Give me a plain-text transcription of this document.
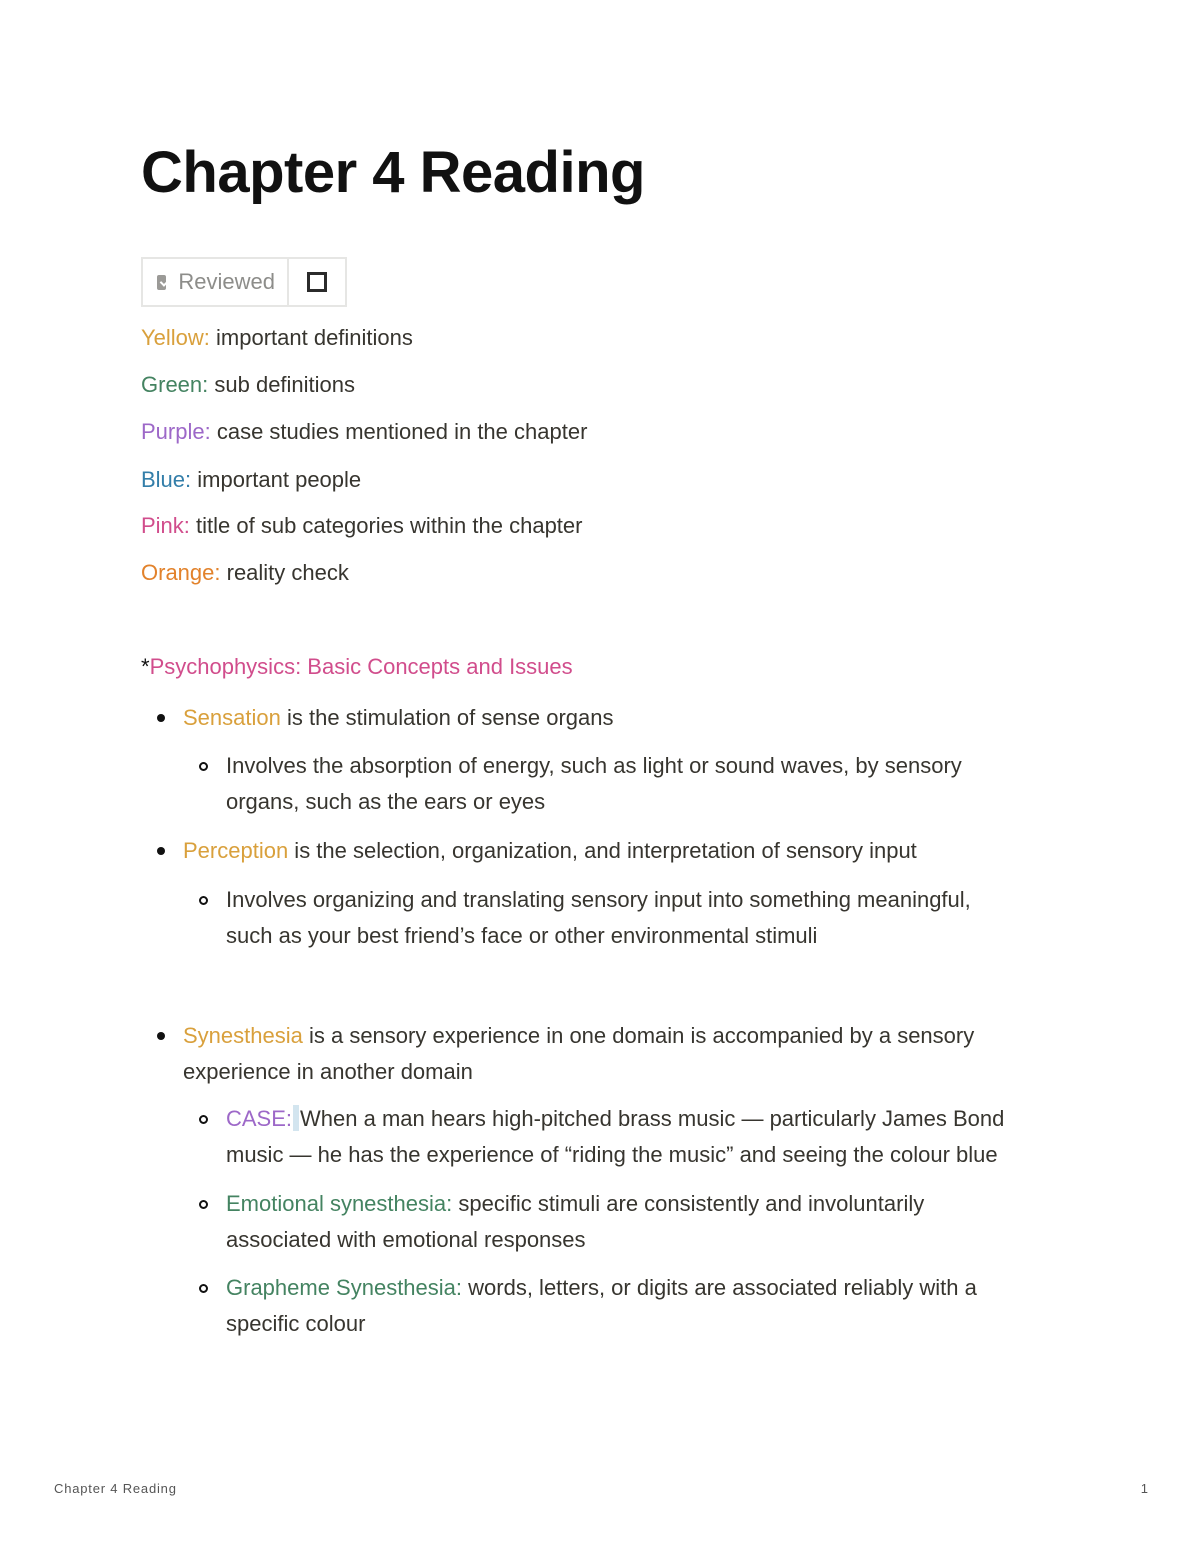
Chapter 4 Reading
Reviewed

Yellow: important definitions

Green: sub definitions

Purple: case studies mentioned in the chapter

Blue: important people

Pink: title of sub categories within the chapter

Orange: reality check

*Psychophysics: Basic Concepts and Issues

Sensation is the stimulation of sense organs

Involves the absorption of energy, such as light or sound waves, by sensory
organs, such as the ears or eyes

Perception is the selection, organization, and interpretation of sensory input

Involves organizing and translating sensory input into something meaningful,
such as your best friend’s face or other environmental stimuli

Synesthesia is a sensory experience in one domain is accompanied by a sensory
experience in another domain

CASE: When a man hears high-pitched brass music — particularly James Bond
music — he has the experience of “riding the music” and seeing the colour blue

Emotional synesthesia: specific stimuli are consistently and involuntarily
associated with emotional responses

Grapheme Synesthesia: words, letters, or digits are associated reliably with a
specific colour

Chapter 4 Reading	1
